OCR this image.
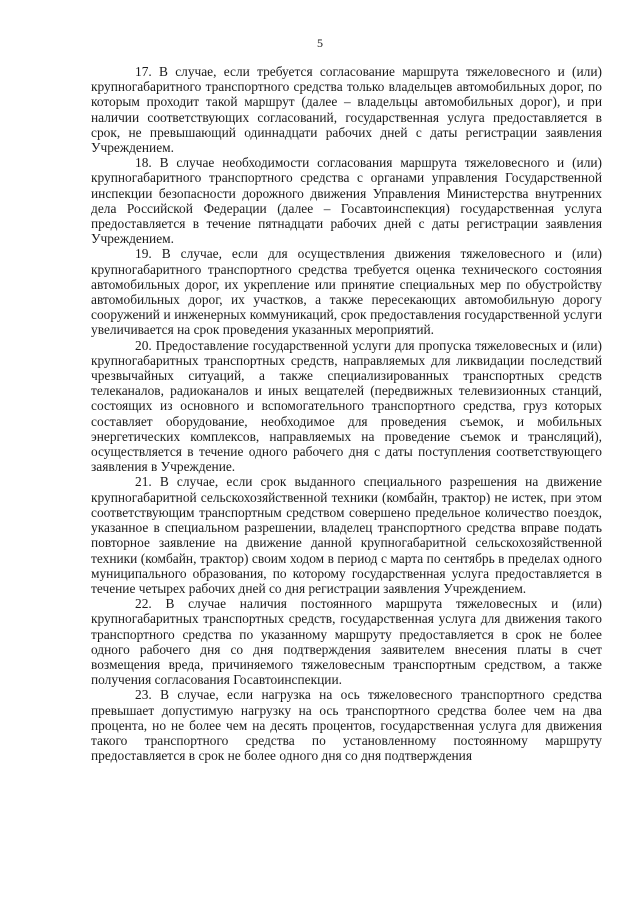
5

17. В случае, если требуется согласование маршрута тяжеловесного и (или) крупногабаритного транспортного средства только владельцев автомобильных дорог, по которым проходит такой маршрут (далее – владельцы автомобильных дорог), и при наличии соответствующих согласований, государственная услуга предоставляется в срок, не превышающий одиннадцати рабочих дней с даты регистрации заявления Учреждением.

18. В случае необходимости согласования маршрута тяжеловесного и (или) крупногабаритного транспортного средства с органами управления Государственной инспекции безопасности дорожного движения Управления Министерства внутренних дела Российской Федерации (далее – Госавтоинспекция) государственная услуга предоставляется в течение пятнадцати рабочих дней с даты регистрации заявления Учреждением.

19. В случае, если для осуществления движения тяжеловесного и (или) крупногабаритного транспортного средства требуется оценка технического состояния автомобильных дорог, их укрепление или принятие специальных мер по обустройству автомобильных дорог, их участков, а также пересекающих автомобильную дорогу сооружений и инженерных коммуникаций, срок предоставления государственной услуги увеличивается на срок проведения указанных мероприятий.

20. Предоставление государственной услуги для пропуска тяжеловесных и (или) крупногабаритных транспортных средств, направляемых для ликвидации последствий чрезвычайных ситуаций, а также специализированных транспортных средств телеканалов, радиоканалов и иных вещателей (передвижных телевизионных станций, состоящих из основного и вспомогательного транспортного средства, груз которых составляет оборудование, необходимое для проведения съемок, и мобильных энергетических комплексов, направляемых на проведение съемок и трансляций), осуществляется в течение одного рабочего дня с даты поступления соответствующего заявления в Учреждение.

21. В случае, если срок выданного специального разрешения на движение крупногабаритной сельскохозяйственной техники (комбайн, трактор) не истек, при этом соответствующим транспортным средством совершено предельное количество поездок, указанное в специальном разрешении, владелец транспортного средства вправе подать повторное заявление на движение данной крупногабаритной сельскохозяйственной техники (комбайн, трактор) своим ходом в период с марта по сентябрь в пределах одного муниципального образования, по которому государственная услуга предоставляется в течение четырех рабочих дней со дня регистрации заявления Учреждением.

22. В случае наличия постоянного маршрута тяжеловесных и (или) крупногабаритных транспортных средств, государственная услуга для движения такого транспортного средства по указанному маршруту предоставляется в срок не более одного рабочего дня со дня подтверждения заявителем внесения платы в счет возмещения вреда, причиняемого тяжеловесным транспортным средством, а также получения согласования Госавтоинспекции.

23. В случае, если нагрузка на ось тяжеловесного транспортного средства превышает допустимую нагрузку на ось транспортного средства более чем на два процента, но не более чем на десять процентов, государственная услуга для движения такого транспортного средства по установленному постоянному маршруту предоставляется в срок не более одного дня со дня подтверждения
